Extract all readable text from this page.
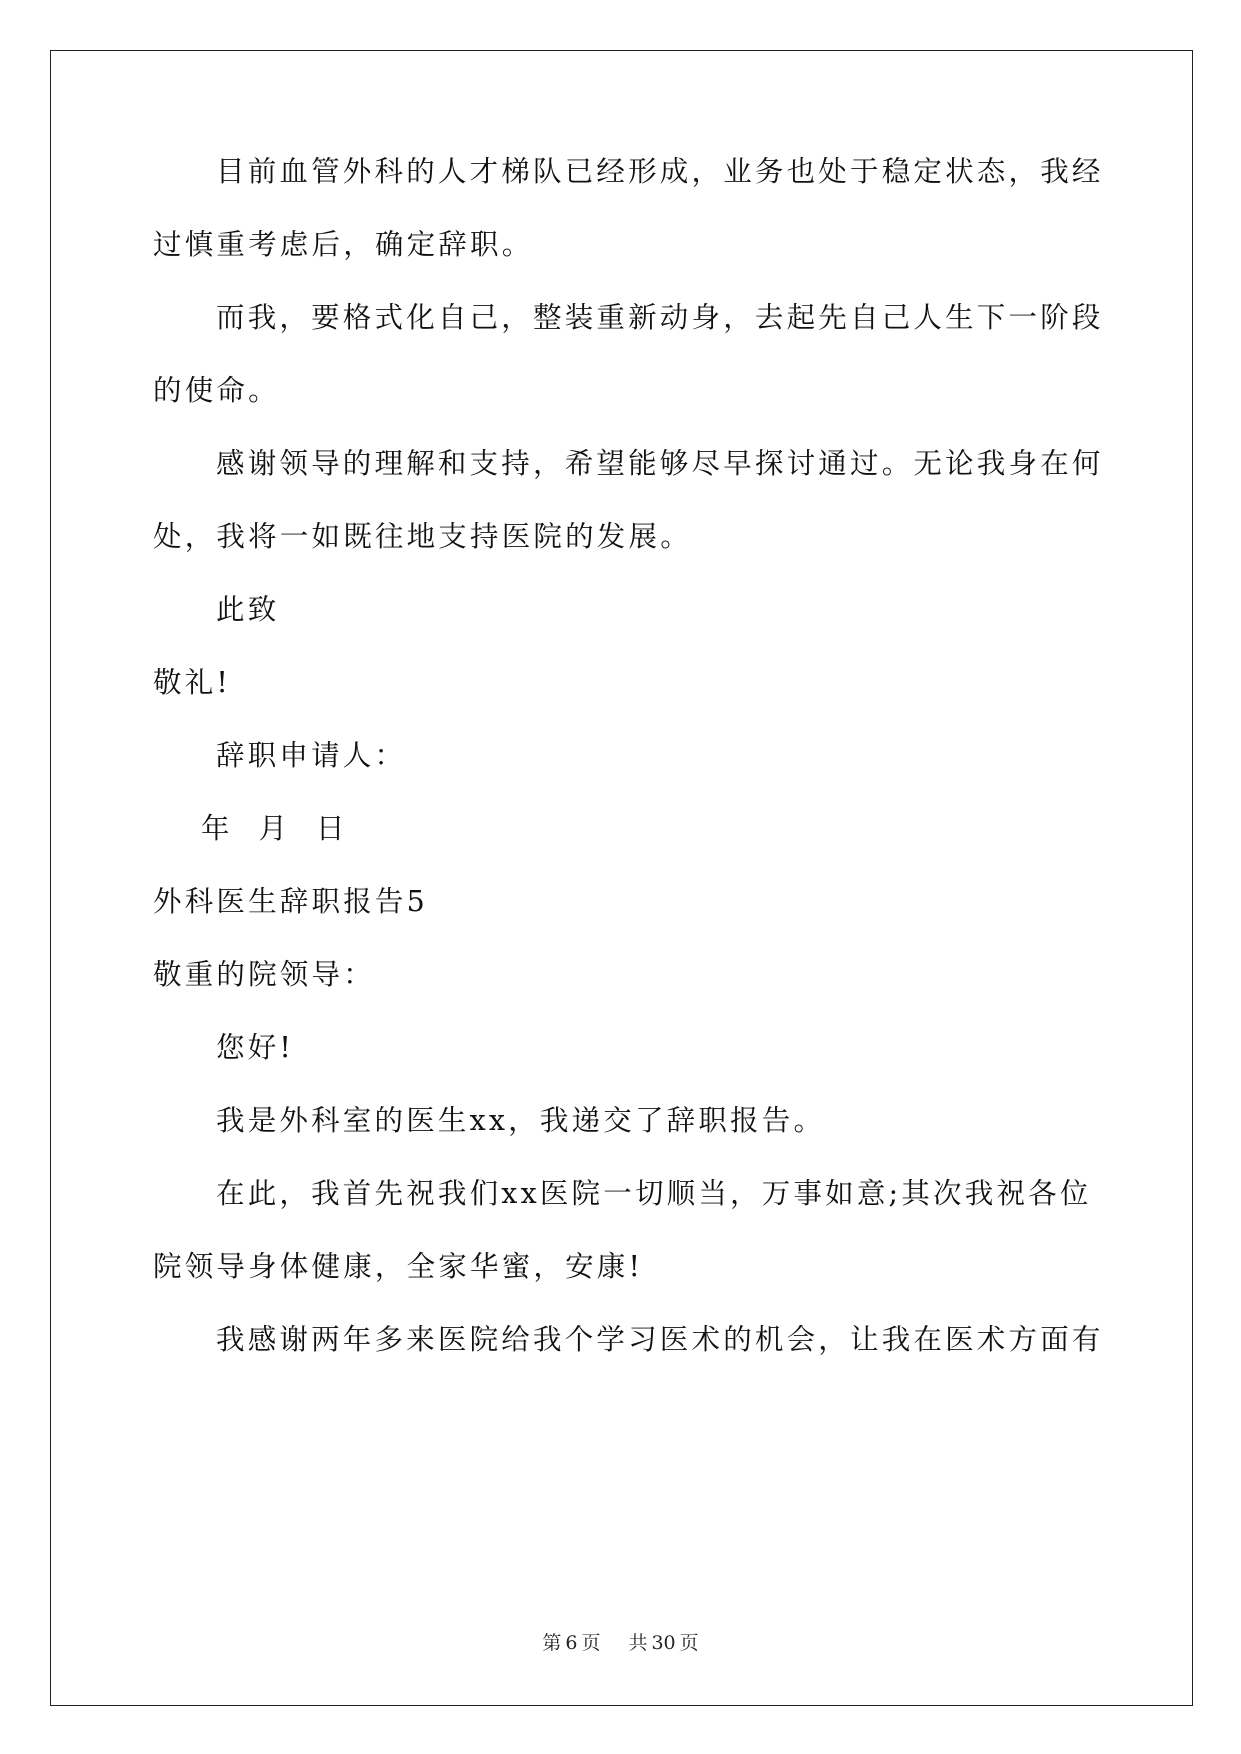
目前血管外科的人才梯队已经形成，业务也处于稳定状态，我经
过慎重考虑后，确定辞职。
而我，要格式化自己，整装重新动身，去起先自己人生下一阶段
的使命。
感谢领导的理解和支持，希望能够尽早探讨通过。无论我身在何
处，我将一如既往地支持医院的发展。
此致
敬礼!
辞职申请人：
年 月 日
外科医生辞职报告5
敬重的院领导：
您好!
我是外科室的医生xx，我递交了辞职报告。
在此，我首先祝我们xx医院一切顺当，万事如意;其次我祝各位
院领导身体健康，全家华蜜，安康!
我感谢两年多来医院给我个学习医术的机会，让我在医术方面有
第 6 页 共 30 页
